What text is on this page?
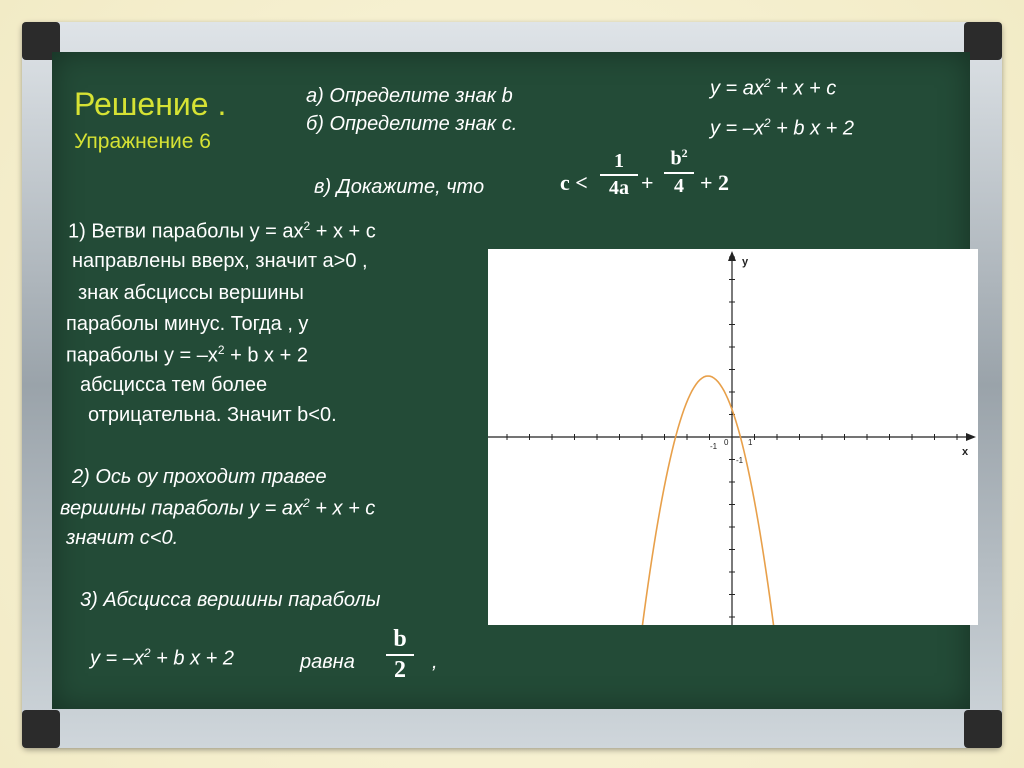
Решение .
Упражнение 6
а) Определите знак b
б) Определите знак с.
в) Докажите, что
$y = ax^2 + x + c$
$y = -x^2 + b$ x + 2
c <
1
4a +
$b^2$
4 + 2
1) Ветви параболы $y = ax^2 + x + c$
направлены вверх, значит a>0 ,
знак абсциссы вершины
параболы минус. Тогда , у
параболы $y = -x^2 + b$ x + 2
абсцисса тем более
отрицательна. Значит b<0.
2) Ось оу проходит правее
вершины параболы $y = ax^2 + x + c$
значит c<0.
3) Абсцисса вершины параболы
$y = -x^2 + b$ x + 2	равна
b
2	,
y
x
-1 0 1
-1
